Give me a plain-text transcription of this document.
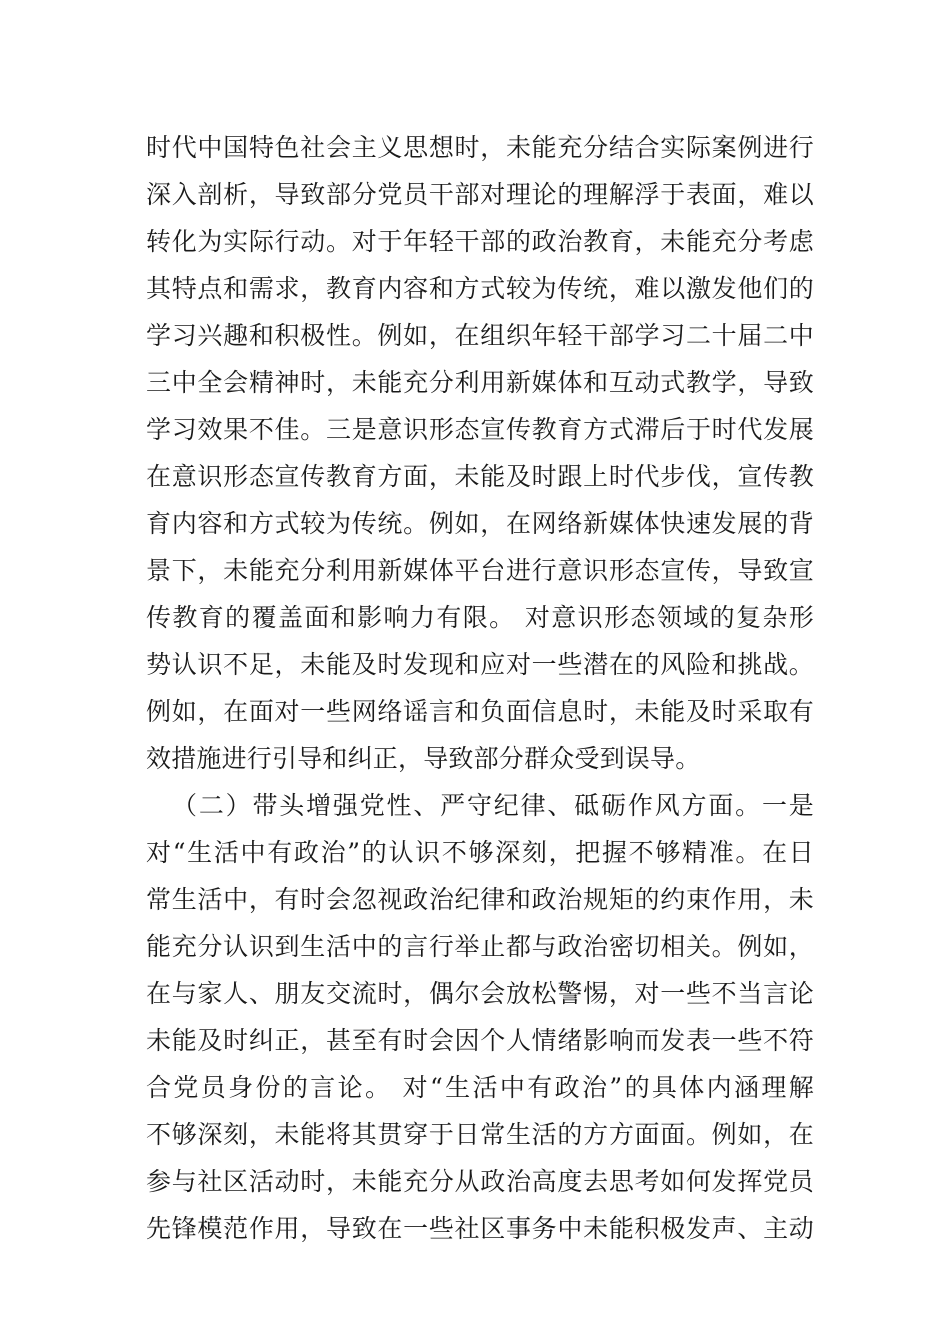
时代中国特色社会主义思想时，未能充分结合实际案例进行
深入剖析，导致部分党员干部对理论的理解浮于表面，难以
转化为实际行动。对于年轻干部的政治教育，未能充分考虑
其特点和需求，教育内容和方式较为传统，难以激发他们的
学习兴趣和积极性。例如，在组织年轻干部学习二十届二中
三中全会精神时，未能充分利用新媒体和互动式教学，导致
学习效果不佳。三是意识形态宣传教育方式滞后于时代发展
在意识形态宣传教育方面，未能及时跟上时代步伐，宣传教
育内容和方式较为传统。例如，在网络新媒体快速发展的背
景下，未能充分利用新媒体平台进行意识形态宣传，导致宣
传教育的覆盖面和影响力有限。 对意识形态领域的复杂形
势认识不足，未能及时发现和应对一些潜在的风险和挑战。
例如，在面对一些网络谣言和负面信息时，未能及时采取有
效措施进行引导和纠正，导致部分群众受到误导。
（二）带头增强党性、严守纪律、砥砺作风方面。一是
对“生活中有政治”的认识不够深刻，把握不够精准。在日
常生活中，有时会忽视政治纪律和政治规矩的约束作用，未
能充分认识到生活中的言行举止都与政治密切相关。例如，
在与家人、朋友交流时，偶尔会放松警惕，对一些不当言论
未能及时纠正，甚至有时会因个人情绪影响而发表一些不符
合党员身份的言论。 对“生活中有政治”的具体内涵理解
不够深刻，未能将其贯穿于日常生活的方方面面。例如，在
参与社区活动时，未能充分从政治高度去思考如何发挥党员
先锋模范作用，导致在一些社区事务中未能积极发声、主动
